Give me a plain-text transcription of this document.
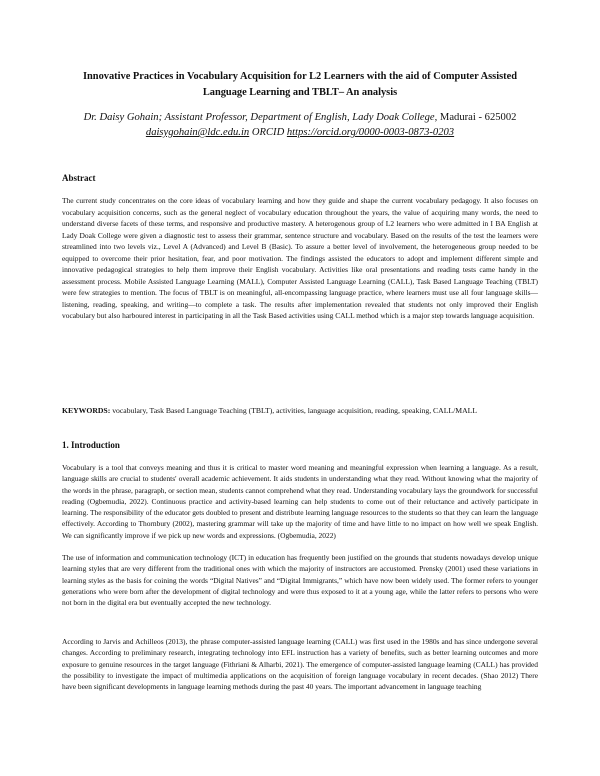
Innovative Practices in Vocabulary Acquisition for L2 Learners with the aid of Computer Assisted
Language Learning and TBLT– An analysis
Dr. Daisy Gohain; Assistant Professor, Department of English, Lady Doak College, Madurai - 625002
daisygohain@ldc.edu.in ORCID https://orcid.org/0000-0003-0873-0203
Abstract

The current study concentrates on the core ideas of vocabulary learning and how they guide and shape the current vocabulary pedagogy. It also focuses on vocabulary acquisition concerns, such as the general neglect of vocabulary education throughout the years, the value of acquiring many words, the need to understand diverse facets of these terms, and responsive and productive mastery. A heterogenous group of L2 learners who were admitted in I BA English at Lady Doak College were given a diagnostic test to assess their grammar, sentence structure and vocabulary. Based on the results of the test the learners were streamlined into two levels viz., Level A (Advanced) and Level B (Basic). To assure a better level of involvement, the heterogeneous group needed to be equipped to overcome their prior hesitation, fear, and poor motivation. The findings assisted the educators to adopt and implement different simple and innovative pedagogical strategies to help them improve their English vocabulary. Activities like oral presentations and reading tests came handy in the assessment process. Mobile Assisted Language Learning (MALL), Computer Assisted Language Learning (CALL), Task Based Language Teaching (TBLT) were few strategies to mention. The focus of TBLT is on meaningful, all-encompassing language practice, where learners must use all four language skills—listening, reading, speaking, and writing—to complete a task. The results after implementation revealed that students not only improved their English vocabulary but also harboured interest in participating in all the Task Based activities using CALL method which is a major step towards language acquisition.

KEYWORDS: vocabulary, Task Based Language Teaching (TBLT), activities, language acquisition, reading, speaking, CALL/MALL

1. Introduction

Vocabulary is a tool that conveys meaning and thus it is critical to master word meaning and meaningful expression when learning a language. As a result, language skills are crucial to students' overall academic achievement. It aids students in understanding what they read. Without knowing what the majority of the words in the phrase, paragraph, or section mean, students cannot comprehend what they read. Understanding vocabulary lays the groundwork for successful reading (Ogbemudia, 2022). Continuous practice and activity-based learning can help students to come out of their reluctance and actively participate in learning. The responsibility of the educator gets doubled to present and distribute learning language resources to the students so that they can learn the language effectively. According to Thornbury (2002), mastering grammar will take up the majority of time and have little to no impact on how well we speak English. We can significantly improve if we pick up new words and expressions. (Ogbemudia, 2022)

The use of information and communication technology (ICT) in education has frequently been justified on the grounds that students nowadays develop unique learning styles that are very different from the traditional ones with which the majority of instructors are accustomed. Prensky (2001) used these variations in learning styles as the basis for coining the words “Digital Natives” and “Digital Immigrants,” which have now been widely used. The former refers to younger generations who were born after the development of digital technology and were thus exposed to it at a young age, while the latter refers to persons who were not born in the digital era but eventually accepted the new technology.

According to Jarvis and Achilleos (2013), the phrase computer-assisted language learning (CALL) was first used in the 1980s and has since undergone several changes. According to preliminary research, integrating technology into EFL instruction has a variety of benefits, such as better learning outcomes and more exposure to genuine resources in the target language (Fithriani & Alharbi, 2021). The emergence of computer-assisted language learning (CALL) has provided the possibility to investigate the impact of multimedia applications on the acquisition of foreign language vocabulary in recent decades. (Shao 2012) There have been significant developments in language learning methods during the past 40 years. The important advancement in language teaching
